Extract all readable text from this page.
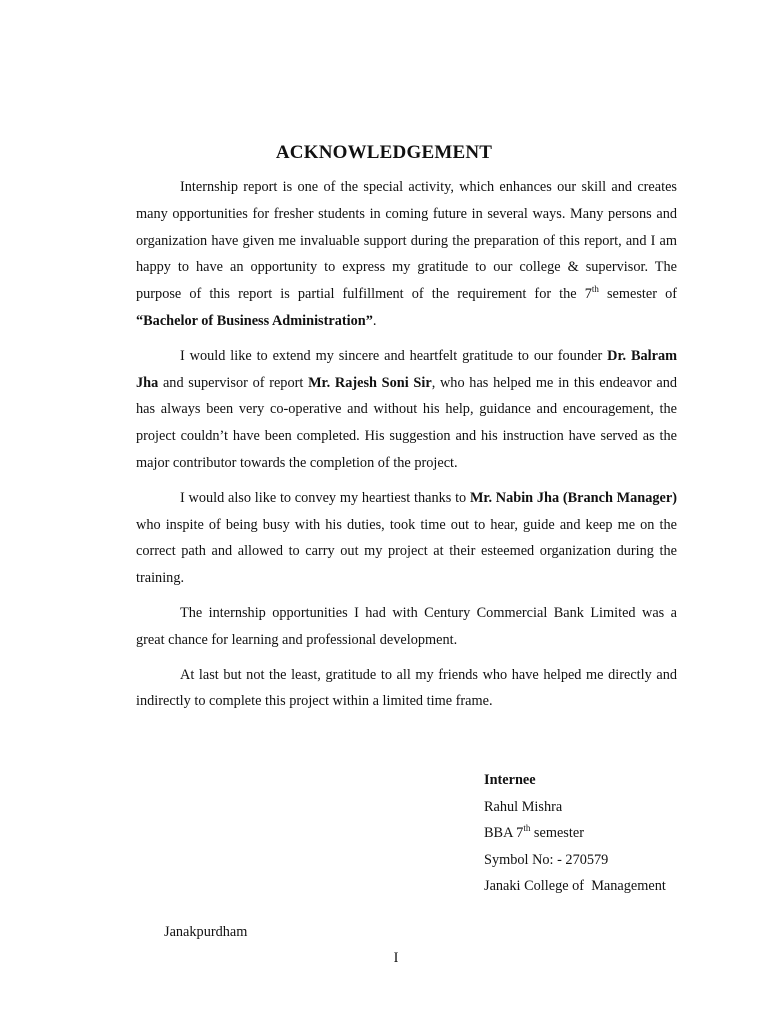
ACKNOWLEDGEMENT

Internship report is one of the special activity, which enhances our skill and creates many opportunities for fresher students in coming future in several ways. Many persons and organization have given me invaluable support during the preparation of this report, and I am happy to have an opportunity to express my gratitude to our college & supervisor. The purpose of this report is partial fulfillment of the requirement for the 7th semester of “Bachelor of Business Administration”.

I would like to extend my sincere and heartfelt gratitude to our founder Dr. Balram Jha and supervisor of report Mr. Rajesh Soni Sir, who has helped me in this endeavor and has always been very co-operative and without his help, guidance and encouragement, the project couldn’t have been completed. His suggestion and his instruction have served as the major contributor towards the completion of the project.

I would also like to convey my heartiest thanks to Mr. Nabin Jha (Branch Manager) who inspite of being busy with his duties, took time out to hear, guide and keep me on the correct path and allowed to carry out my project at their esteemed organization during the training.

The internship opportunities I had with Century Commercial Bank Limited was a great chance for learning and professional development.

At last but not the least, gratitude to all my friends who have helped me directly and indirectly to complete this project within a limited time frame.

Internee
Rahul Mishra
BBA 7th semester
Symbol No: - 270579
Janaki College of  Management
Janakpurdham
I
